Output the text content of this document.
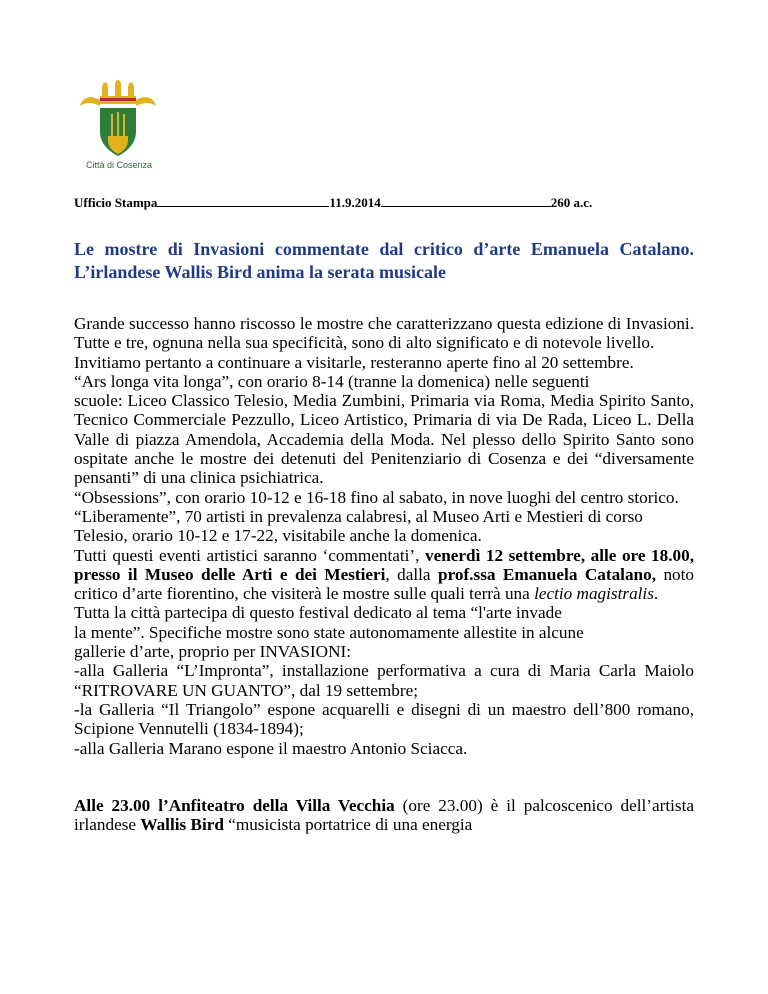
Città di Cosenza
Ufficio Stampa	11.9.2014	260 a.c.
Le mostre di Invasioni commentate dal critico d’arte Emanuela Catalano. L’irlandese Wallis Bird anima la serata musicale

Grande successo hanno riscosso le mostre che caratterizzano questa edizione di Invasioni. Tutte e tre, ognuna nella sua specificità, sono di alto significato e di notevole livello.

Invitiamo pertanto a continuare a visitarle, resteranno aperte fino al 20 settembre.

“Ars longa vita longa”, con orario 8-14 (tranne la domenica) nelle seguenti

scuole: Liceo Classico Telesio, Media Zumbini, Primaria via Roma, Media Spirito Santo, Tecnico Commerciale Pezzullo, Liceo Artistico, Primaria di via De Rada, Liceo L. Della Valle di piazza Amendola, Accademia della Moda. Nel plesso dello Spirito Santo sono ospitate anche le mostre dei detenuti del Penitenziario di Cosenza e dei “diversamente pensanti” di una clinica psichiatrica.

“Obsessions”, con orario 10-12 e 16-18 fino al sabato, in nove luoghi del centro storico.

“Liberamente”, 70 artisti in prevalenza calabresi, al Museo Arti e Mestieri di corso Telesio, orario 10-12 e 17-22, visitabile anche la domenica.

Tutti questi eventi artistici saranno ‘commentati’, venerdì 12 settembre, alle ore 18.00, presso il Museo delle Arti e dei Mestieri, dalla prof.ssa Emanuela Catalano, noto critico d’arte fiorentino, che visiterà le mostre sulle quali terrà una lectio magistralis.

Tutta la città partecipa di questo festival dedicato al tema “l'arte invade

la mente”. Specifiche mostre sono state autonomamente allestite in alcune

gallerie d’arte, proprio per INVASIONI:

-alla Galleria “L’Impronta”, installazione performativa a cura di Maria Carla Maiolo “RITROVARE UN GUANTO”, dal 19 settembre;

-la Galleria “Il Triangolo” espone acquarelli e disegni di un maestro dell’800 romano, Scipione Vennutelli (1834-1894);

-alla Galleria Marano espone il maestro Antonio Sciacca.

Alle 23.00 l’Anfiteatro della Villa Vecchia (ore 23.00) è il palcoscenico dell’artista irlandese Wallis Bird “musicista portatrice di una energia
